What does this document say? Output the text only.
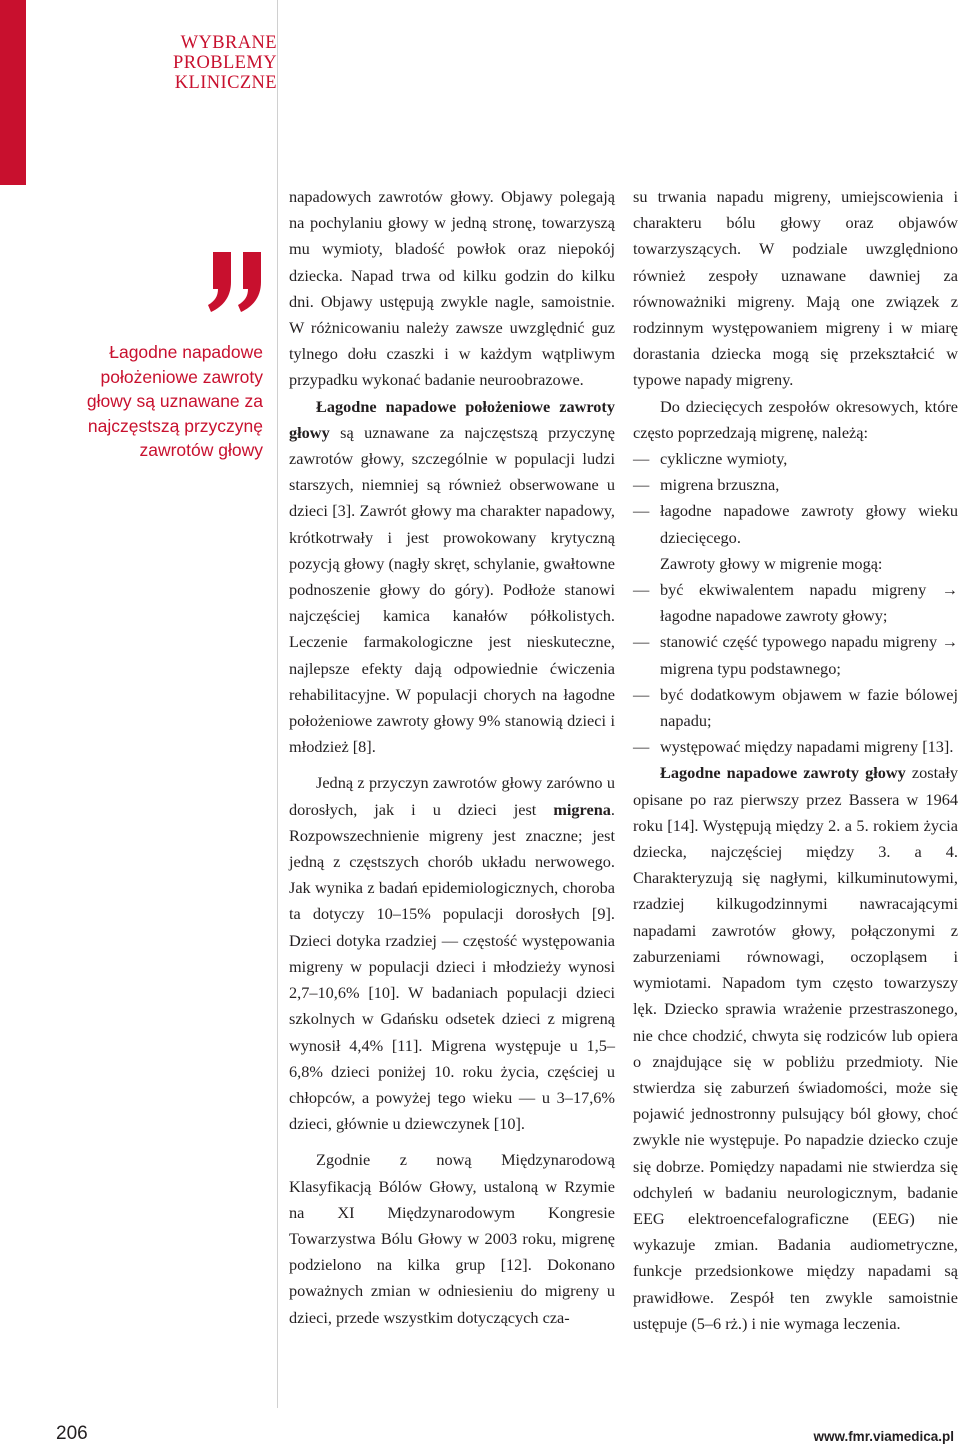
WYBRANE
PROBLEMY
KLINICZNE
Łagodne napadowe
położeniowe zawroty
głowy są uznawane za
najczęstszą przyczynę
zawrotów głowy

napadowych zawrotów głowy. Objawy polegają na pochylaniu głowy w jedną stronę, towarzyszą mu wymioty, bladość powłok oraz niepokój dziecka. Napad trwa od kilku godzin do kilku dni. Objawy ustępują zwykle nagle, samoistnie. W różnicowaniu należy zawsze uwzględnić guz tylnego dołu czaszki i w każdym wątpliwym przypadku wykonać badanie neuroobrazowe.

Łagodne napadowe położeniowe zawroty głowy są uznawane za najczęstszą przyczynę zawrotów głowy, szczególnie w populacji ludzi starszych, niemniej są również obserwowane u dzieci [3]. Zawrót głowy ma charakter napadowy, krótkotrwały i jest prowokowany krytyczną pozycją głowy (nagły skręt, schylanie, gwałtowne podnoszenie głowy do góry). Podłoże stanowi najczęściej kamica kanałów półkolistych. Leczenie farmakologiczne jest nieskuteczne, najlepsze efekty dają odpowiednie ćwiczenia rehabilitacyjne. W populacji chorych na łagodne położeniowe zawroty głowy 9% stanowią dzieci i młodzież [8].

Jedną z przyczyn zawrotów głowy zarówno u dorosłych, jak i u dzieci jest migrena. Rozpowszechnienie migreny jest znaczne; jest jedną z częstszych chorób układu nerwowego. Jak wynika z badań epidemiologicznych, choroba ta dotyczy 10–15% populacji dorosłych [9]. Dzieci dotyka rzadziej — częstość występowania migreny w populacji dzieci i młodzieży wynosi 2,7–10,6% [10]. W badaniach populacji dzieci szkolnych w Gdańsku odsetek dzieci z migreną wynosił 4,4% [11]. Migrena występuje u 1,5–6,8% dzieci poniżej 10. roku życia, częściej u chłopców, a powyżej tego wieku — u 3–17,6% dzieci, głównie u dziewczynek [10].

Zgodnie z nową Międzynarodową Klasyfikacją Bólów Głowy, ustaloną w Rzymie na XI Międzynarodowym Kongresie Towarzystwa Bólu Głowy w 2003 roku, migrenę podzielono na kilka grup [12]. Dokonano poważnych zmian w odniesieniu do migreny u dzieci, przede wszystkim dotyczących cza-

su trwania napadu migreny, umiejscowienia i charakteru bólu głowy oraz objawów towarzyszących. W podziale uwzględniono również zespoły uznawane dawniej za równoważniki migreny. Mają one związek z rodzinnym występowaniem migreny i w miarę dorastania dziecka mogą się przekształcić w typowe napady migreny.

Do dziecięcych zespołów okresowych, które często poprzedzają migrenę, należą:

— cykliczne wymioty,
— migrena brzuszna,
— łagodne napadowe zawroty głowy wieku dziecięcego.

Zawroty głowy w migrenie mogą:

— być ekwiwalentem napadu migreny → łagodne napadowe zawroty głowy;
— stanowić część typowego napadu migreny → migrena typu podstawnego;
— być dodatkowym objawem w fazie bólowej napadu;
— występować między napadami migreny [13].

Łagodne napadowe zawroty głowy zostały opisane po raz pierwszy przez Bassera w 1964 roku [14]. Występują między 2. a 5. rokiem życia dziecka, najczęściej między 3. a 4. Charakteryzują się nagłymi, kilkuminutowymi, rzadziej kilkugodzinnymi nawracającymi napadami zawrotów głowy, połączonymi z zaburzeniami równowagi, oczopląsem i wymiotami. Napadom tym często towarzyszy lęk. Dziecko sprawia wrażenie przestraszonego, nie chce chodzić, chwyta się rodziców lub opiera o znajdujące się w pobliżu przedmioty. Nie stwierdza się zaburzeń świadomości, może się pojawić jednostronny pulsujący ból głowy, choć zwykle nie występuje. Po napadzie dziecko czuje się dobrze. Pomiędzy napadami nie stwierdza się odchyleń w badaniu neurologicznym, badanie EEG elektroencefalograficzne (EEG) nie wykazuje zmian. Badania audiometryczne, funkcje przedsionkowe między napadami są prawidłowe. Zespół ten zwykle samoistnie ustępuje (5–6 rż.) i nie wymaga leczenia.

206	www.fmr.viamedica.pl
